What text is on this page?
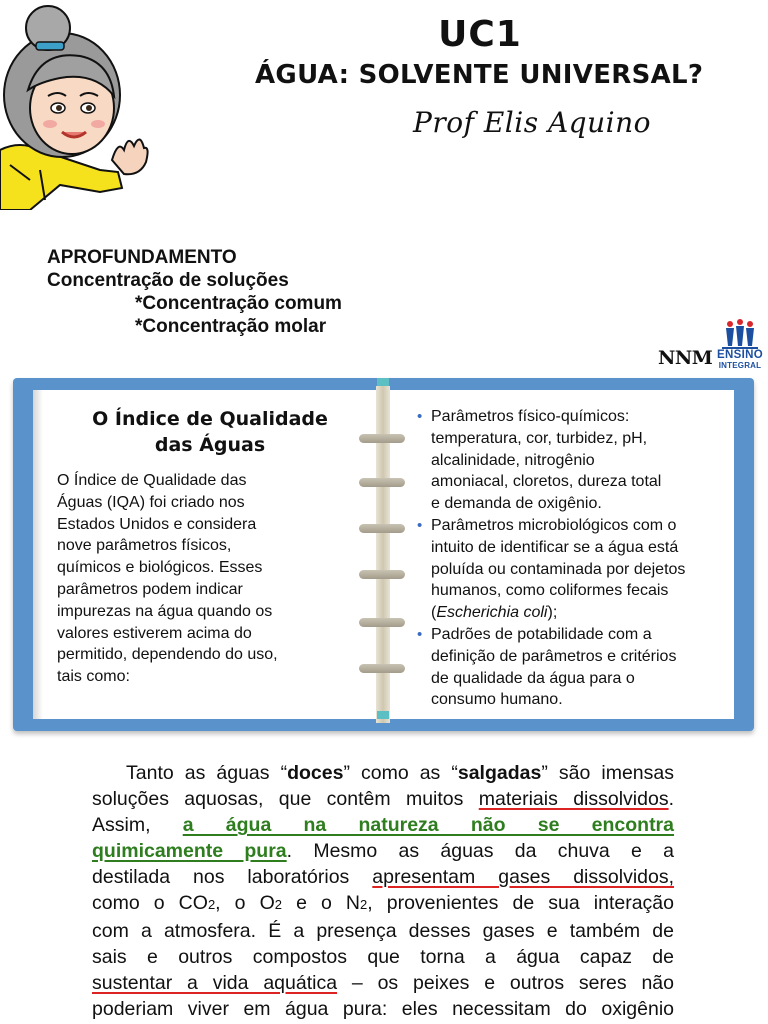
UC1
ÁGUA: SOLVENTE UNIVERSAL?
Prof Elis Aquino
APROFUNDAMENTO
Concentração de soluções
*Concentração comum
*Concentração molar
NNM ENSINO
INTEGRAL
O Índice de Qualidade
das Águas
O Índice de Qualidade das
Águas (IQA) foi criado nos
Estados Unidos e considera
nove parâmetros físicos,
químicos e biológicos. Esses
parâmetros podem indicar
impurezas na água quando os
valores estiverem acima do
permitido, dependendo do uso,
tais como:
• Parâmetros físico-químicos:
temperatura, cor, turbidez, pH,
alcalinidade, nitrogênio
amoniacal, cloretos, dureza total
e demanda de oxigênio.
• Parâmetros microbiológicos com o
intuito de identificar se a água está
poluída ou contaminada por dejetos
humanos, como coliformes fecais
(Escherichia coli);
• Padrões de potabilidade com a
definição de parâmetros e critérios
de qualidade da água para o
consumo humano.
Tanto as águas “doces” como as “salgadas” são imensas
soluções aquosas, que contêm muitos materiais dissolvidos.
Assim, a água na natureza não se encontra
quimicamente pura. Mesmo as águas da chuva e a
destilada nos laboratórios apresentam gases dissolvidos,
como o CO2, o O2 e o N2, provenientes de sua interação
com a atmosfera. É a presença desses gases e também de
sais e outros compostos que torna a água capaz de
sustentar a vida aquática – os peixes e outros seres não
poderiam viver em água pura: eles necessitam do oxigênio
